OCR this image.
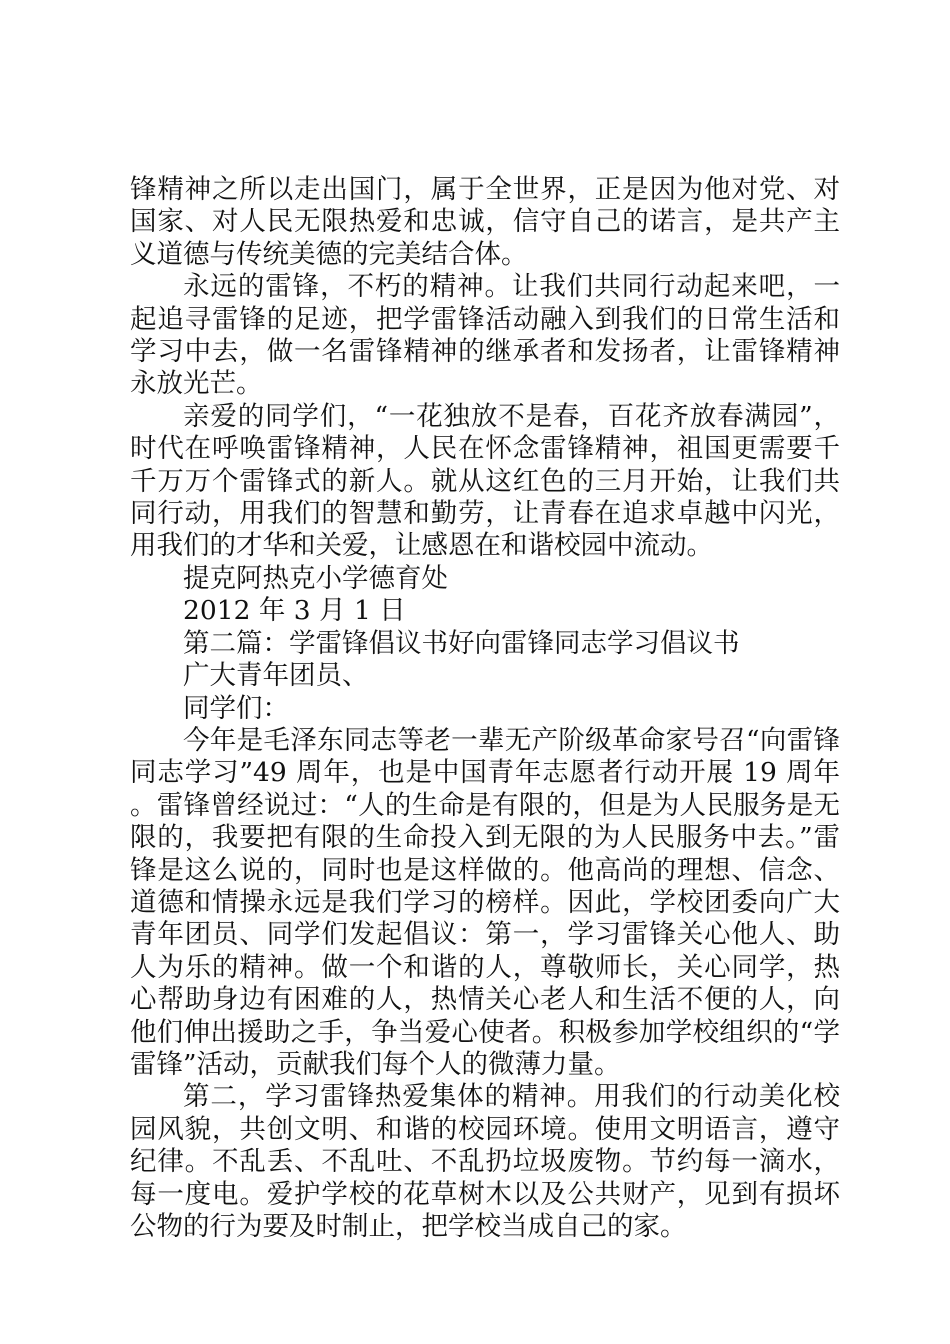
锋精神之所以走出国门，属于全世界，正是因为他对党、对国家、对人民无限热爱和忠诚，信守自己的诺言，是共产主义道德与传统美德的完美结合体。

永远的雷锋，不朽的精神。让我们共同行动起来吧，一起追寻雷锋的足迹，把学雷锋活动融入到我们的日常生活和学习中去，做一名雷锋精神的继承者和发扬者，让雷锋精神永放光芒。

亲爱的同学们，“一花独放不是春，百花齐放春满园”，时代在呼唤雷锋精神，人民在怀念雷锋精神，祖国更需要千千万万个雷锋式的新人。就从这红色的三月开始，让我们共同行动，用我们的智慧和勤劳，让青春在追求卓越中闪光，用我们的才华和关爱，让感恩在和谐校园中流动。

提克阿热克小学德育处

2012 年 3 月 1 日

第二篇：学雷锋倡议书好向雷锋同志学习倡议书

广大青年团员、

同学们：

今年是毛泽东同志等老一辈无产阶级革命家号召“向雷锋同志学习”49 周年，也是中国青年志愿者行动开展 19 周年。雷锋曾经说过：“人的生命是有限的，但是为人民服务是无限的，我要把有限的生命投入到无限的为人民服务中去。”雷锋是这么说的，同时也是这样做的。他高尚的理想、信念、道德和情操永远是我们学习的榜样。因此，学校团委向广大青年团员、同学们发起倡议：第一，学习雷锋关心他人、助人为乐的精神。做一个和谐的人，尊敬师长，关心同学，热心帮助身边有困难的人，热情关心老人和生活不便的人，向他们伸出援助之手，争当爱心使者。积极参加学校组织的“学雷锋”活动，贡献我们每个人的微薄力量。

第二，学习雷锋热爱集体的精神。用我们的行动美化校园风貌，共创文明、和谐的校园环境。使用文明语言，遵守纪律。不乱丢、不乱吐、不乱扔垃圾废物。节约每一滴水，每一度电。爱护学校的花草树木以及公共财产，见到有损坏公物的行为要及时制止，把学校当成自己的家。
